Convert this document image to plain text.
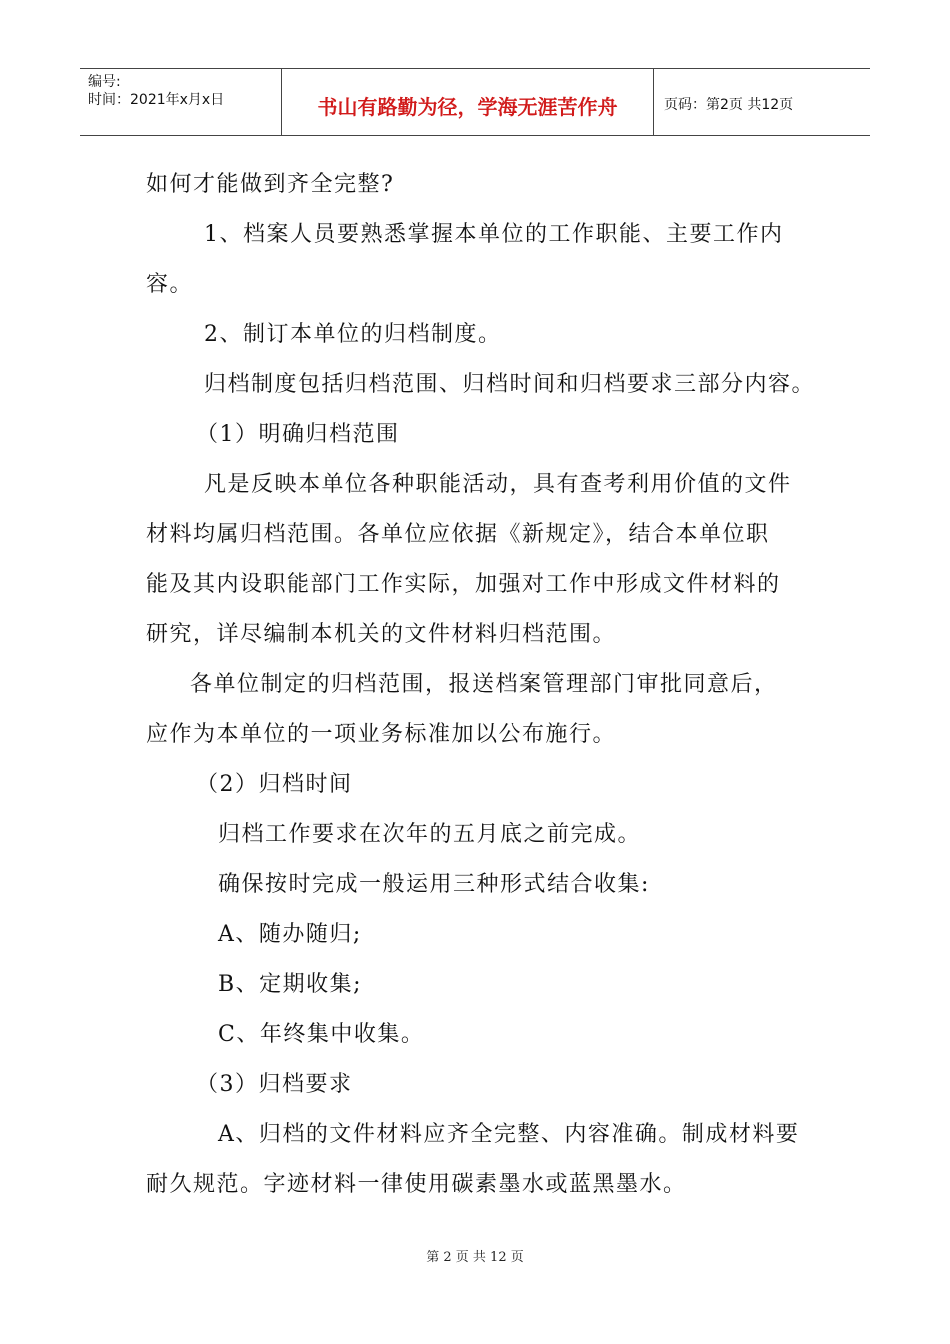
编号:
时间：2021年x月x日	书山有路勤为径，学海无涯苦作舟	页码：第2页 共12页
如何才能做到齐全完整?
1、档案人员要熟悉掌握本单位的工作职能、主要工作内
容。
2、制订本单位的归档制度。
归档制度包括归档范围、归档时间和归档要求三部分内容。
（1）明确归档范围
凡是反映本单位各种职能活动，具有查考利用价值的文件
材料均属归档范围。各单位应依据《新规定》，结合本单位职
能及其内设职能部门工作实际，加强对工作中形成文件材料的
研究，详尽编制本机关的文件材料归档范围。
各单位制定的归档范围，报送档案管理部门审批同意后，
应作为本单位的一项业务标准加以公布施行。
（2）归档时间
归档工作要求在次年的五月底之前完成。
确保按时完成一般运用三种形式结合收集:
A、随办随归;
B、定期收集;
C、年终集中收集。
（3）归档要求
A、归档的文件材料应齐全完整、内容准确。制成材料要
耐久规范。字迹材料一律使用碳素墨水或蓝黑墨水。
第 2 页 共 12 页
